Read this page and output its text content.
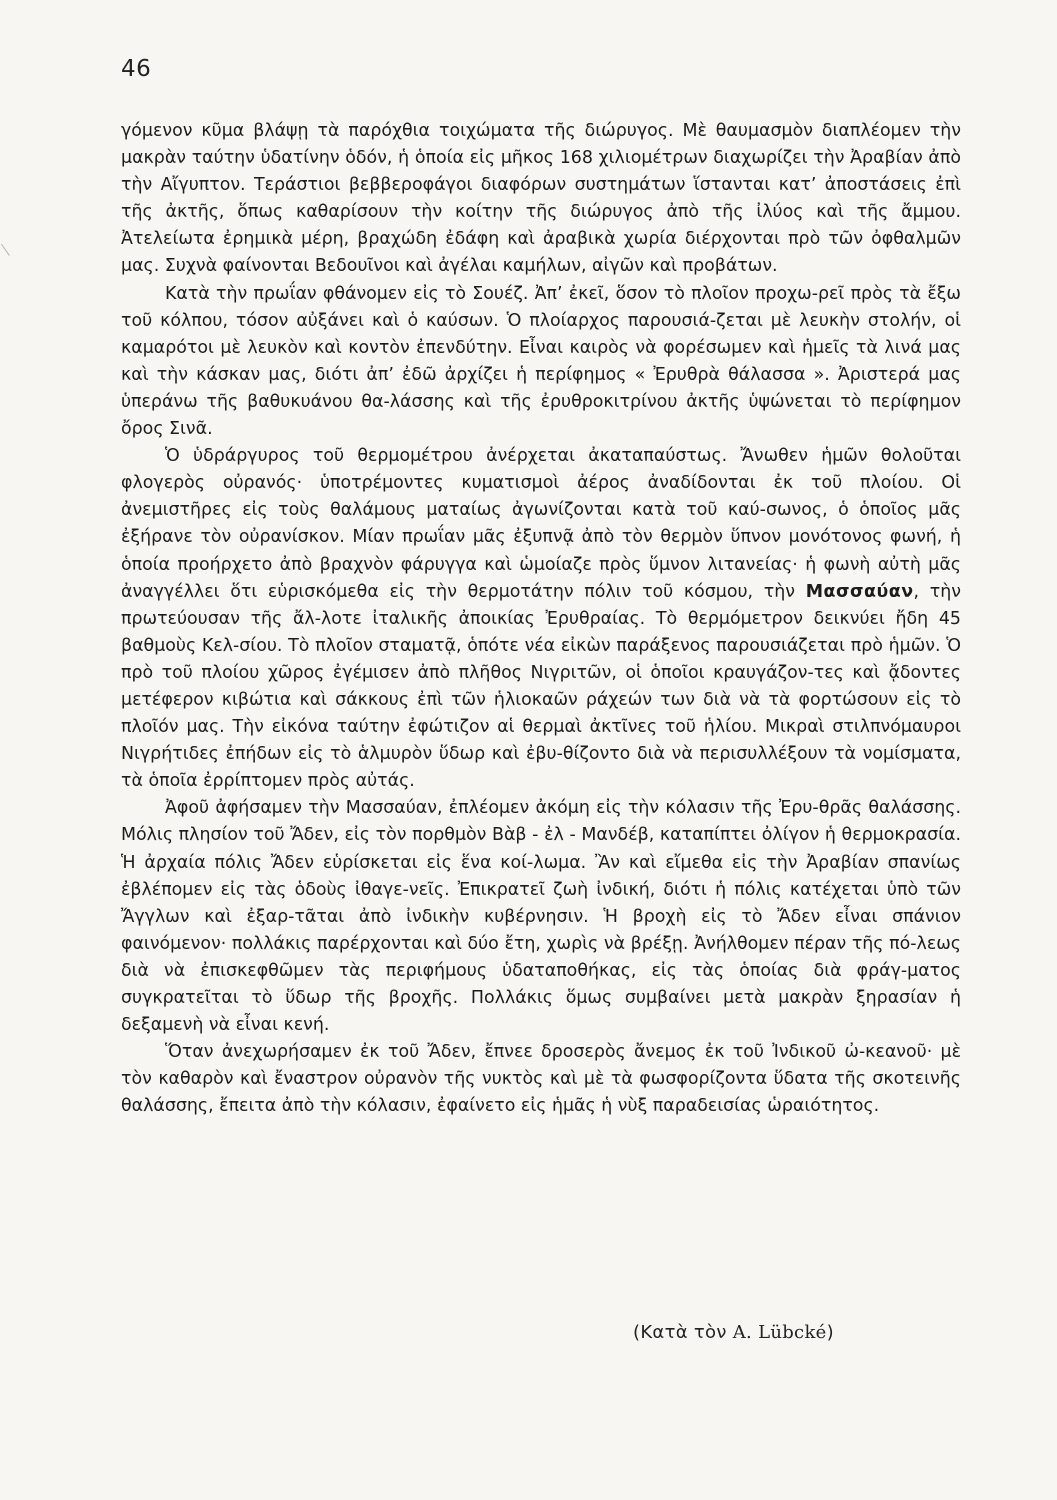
46

γόμενον κῦμα βλάψῃ τὰ παρόχθια τοιχώματα τῆς διώρυγος. Μὲ θαυμασμὸν διαπλέομεν τὴν μακρὰν ταύτην ὑδατίνην ὁδόν, ἡ ὁποία εἰς μῆκος 168 χιλιομέτρων διαχωρίζει τὴν Ἀραβίαν ἀπὸ τὴν Αἴγυπτον. Τεράστιοι βεββεροφάγοι διαφόρων συστημάτων ἵστανται κατ’ ἀποστάσεις ἐπὶ τῆς ἀκτῆς, ὅπως καθαρίσουν τὴν κοίτην τῆς διώρυγος ἀπὸ τῆς ἰλύος καὶ τῆς ἄμμου. Ἀτελείωτα ἐρημικὰ μέρη, βραχώδη ἐδάφη καὶ ἀραβικὰ χωρία διέρχονται πρὸ τῶν ὀφθαλμῶν μας. Συχνὰ φαίνονται Βεδουῖνοι καὶ ἀγέλαι καμήλων, αἰγῶν καὶ προβάτων.

Κατὰ τὴν πρωΐαν φθάνομεν εἰς τὸ Σουέζ. Ἀπ’ ἐκεῖ, ὅσον τὸ πλοῖον προχω-ρεῖ πρὸς τὰ ἔξω τοῦ κόλπου, τόσον αὐξάνει καὶ ὁ καύσων. Ὁ πλοίαρχος παρουσιά-ζεται μὲ λευκὴν στολήν, οἱ καμαρότοι μὲ λευκὸν καὶ κοντὸν ἐπενδύτην. Εἶναι καιρὸς νὰ φορέσωμεν καὶ ἡμεῖς τὰ λινά μας καὶ τὴν κάσκαν μας, διότι ἀπ’ ἐδῶ ἀρχίζει ἡ περίφημος « Ἐρυθρὰ θάλασσα ». Ἀριστερά μας ὑπεράνω τῆς βαθυκυάνου θα-λάσσης καὶ τῆς ἐρυθροκιτρίνου ἀκτῆς ὑψώνεται τὸ περίφημον ὄρος Σινᾶ.

Ὁ ὑδράργυρος τοῦ θερμομέτρου ἀνέρχεται ἀκαταπαύστως. Ἄνωθεν ἡμῶν θολοῦται φλογερὸς οὐρανός· ὑποτρέμοντες κυματισμοὶ ἀέρος ἀναδίδονται ἐκ τοῦ πλοίου. Οἱ ἀνεμιστῆρες εἰς τοὺς θαλάμους ματαίως ἀγωνίζονται κατὰ τοῦ καύ-σωνος, ὁ ὁποῖος μᾶς ἐξήρανε τὸν οὐρανίσκον. Μίαν πρωΐαν μᾶς ἐξυπνᾷ ἀπὸ τὸν θερμὸν ὕπνον μονότονος φωνή, ἡ ὁποία προήρχετο ἀπὸ βραχνὸν φάρυγγα καὶ ὡμοίαζε πρὸς ὕμνον λιτανείας· ἡ φωνὴ αὐτὴ μᾶς ἀναγγέλλει ὅτι εὑρισκόμεθα εἰς τὴν θερμοτάτην πόλιν τοῦ κόσμου, τὴν Μασσαύαν, τὴν πρωτεύουσαν τῆς ἄλ-λοτε ἰταλικῆς ἀποικίας Ἐρυθραίας. Τὸ θερμόμετρον δεικνύει ἤδη 45 βαθμοὺς Κελ-σίου. Τὸ πλοῖον σταματᾷ, ὁπότε νέα εἰκὼν παράξενος παρουσιάζεται πρὸ ἡμῶν. Ὁ πρὸ τοῦ πλοίου χῶρος ἐγέμισεν ἀπὸ πλῆθος Νιγριτῶν, οἱ ὁποῖοι κραυγάζον-τες καὶ ᾄδοντες μετέφερον κιβώτια καὶ σάκκους ἐπὶ τῶν ἡλιοκαῶν ράχεών των διὰ νὰ τὰ φορτώσουν εἰς τὸ πλοῖόν μας. Τὴν εἰκόνα ταύτην ἐφώτιζον αἱ θερμαὶ ἀκτῖνες τοῦ ἡλίου. Μικραὶ στιλπνόμαυροι Νιγρήτιδες ἐπήδων εἰς τὸ ἁλμυρὸν ὕδωρ καὶ ἐβυ-θίζοντο διὰ νὰ περισυλλέξουν τὰ νομίσματα, τὰ ὁποῖα ἐρρίπτομεν πρὸς αὐτάς.

Ἀφοῦ ἀφήσαμεν τὴν Μασσαύαν, ἐπλέομεν ἀκόμη εἰς τὴν κόλασιν τῆς Ἐρυ-θρᾶς θαλάσσης. Μόλις πλησίον τοῦ Ἄδεν, εἰς τὸν πορθμὸν Βὰβ - ἐλ - Μανδέβ, καταπίπτει ὀλίγον ἡ θερμοκρασία. Ἡ ἀρχαία πόλις Ἄδεν εὑρίσκεται εἰς ἕνα κοί-λωμα. Ἂν καὶ εἴμεθα εἰς τὴν Ἀραβίαν σπανίως ἐβλέπομεν εἰς τὰς ὁδοὺς ἰθαγε-νεῖς. Ἐπικρατεῖ ζωὴ ἰνδική, διότι ἡ πόλις κατέχεται ὑπὸ τῶν Ἄγγλων καὶ ἐξαρ-τᾶται ἀπὸ ἰνδικὴν κυβέρνησιν. Ἡ βροχὴ εἰς τὸ Ἄδεν εἶναι σπάνιον φαινόμενον· πολλάκις παρέρχονται καὶ δύο ἔτη, χωρὶς νὰ βρέξῃ. Ἀνήλθομεν πέραν τῆς πό-λεως διὰ νὰ ἐπισκεφθῶμεν τὰς περιφήμους ὑδαταποθήκας, εἰς τὰς ὁποίας διὰ φράγ-ματος συγκρατεῖται τὸ ὕδωρ τῆς βροχῆς. Πολλάκις ὅμως συμβαίνει μετὰ μακρὰν ξηρασίαν ἡ δεξαμενὴ νὰ εἶναι κενή.

Ὅταν ἀνεχωρήσαμεν ἐκ τοῦ Ἄδεν, ἔπνεε δροσερὸς ἄνεμος ἐκ τοῦ Ἰνδικοῦ ὠ-κεανοῦ· μὲ τὸν καθαρὸν καὶ ἔναστρον οὐρανὸν τῆς νυκτὸς καὶ μὲ τὰ φωσφορίζοντα ὕδατα τῆς σκοτεινῆς θαλάσσης, ἔπειτα ἀπὸ τὴν κόλασιν, ἐφαίνετο εἰς ἡμᾶς ἡ νὺξ παραδεισίας ὡραιότητος.

(Κατὰ τὸν A. Lübcké)
